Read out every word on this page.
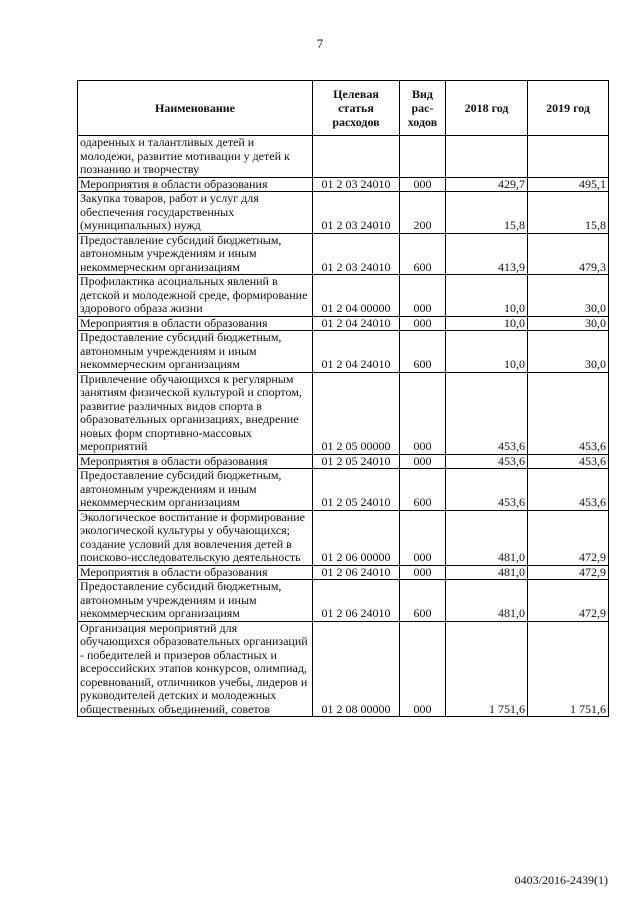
7
Наименование	Целевая статья расходов	Вид рас-ходов	2018 год	2019 год
одаренных и талантливых детей и молодежи, развитие мотивации у детей к познанию и творчеству				
Мероприятия в области образования	01 2 03 24010	000	429,7	495,1
Закупка товаров, работ и услуг для обеспечения государственных (муниципальных) нужд	01 2 03 24010	200	15,8	15,8
Предоставление субсидий бюджетным, автономным учреждениям и иным некоммерческим организациям	01 2 03 24010	600	413,9	479,3
Профилактика асоциальных явлений в детской и молодежной среде, формирование здорового образа жизни	01 2 04 00000	000	10,0	30,0
Мероприятия в области образования	01 2 04 24010	000	10,0	30,0
Предоставление субсидий бюджетным, автономным учреждениям и иным некоммерческим организациям	01 2 04 24010	600	10,0	30,0
Привлечение обучающихся к регулярным занятиям физической культурой и спортом, развитие различных видов спорта в образовательных организациях, внедрение новых форм спортивно-массовых мероприятий	01 2 05 00000	000	453,6	453,6
Мероприятия в области образования	01 2 05 24010	000	453,6	453,6
Предоставление субсидий бюджетным, автономным учреждениям и иным некоммерческим организациям	01 2 05 24010	600	453,6	453,6
Экологическое воспитание и формирование экологической культуры у обучающихся; создание условий для вовлечения детей в поисково-исследовательскую деятельность	01 2 06 00000	000	481,0	472,9
Мероприятия в области образования	01 2 06 24010	000	481,0	472,9
Предоставление субсидий бюджетным, автономным учреждениям и иным некоммерческим организациям	01 2 06 24010	600	481,0	472,9
Организация мероприятий для обучающихся образовательных организаций - победителей и призеров областных и всероссийских этапов конкурсов, олимпиад, соревнований, отличников учебы, лидеров и руководителей детских и молодежных общественных объединений, советов	01 2 08 00000	000	1 751,6	1 751,6
0403/2016-2439(1)
